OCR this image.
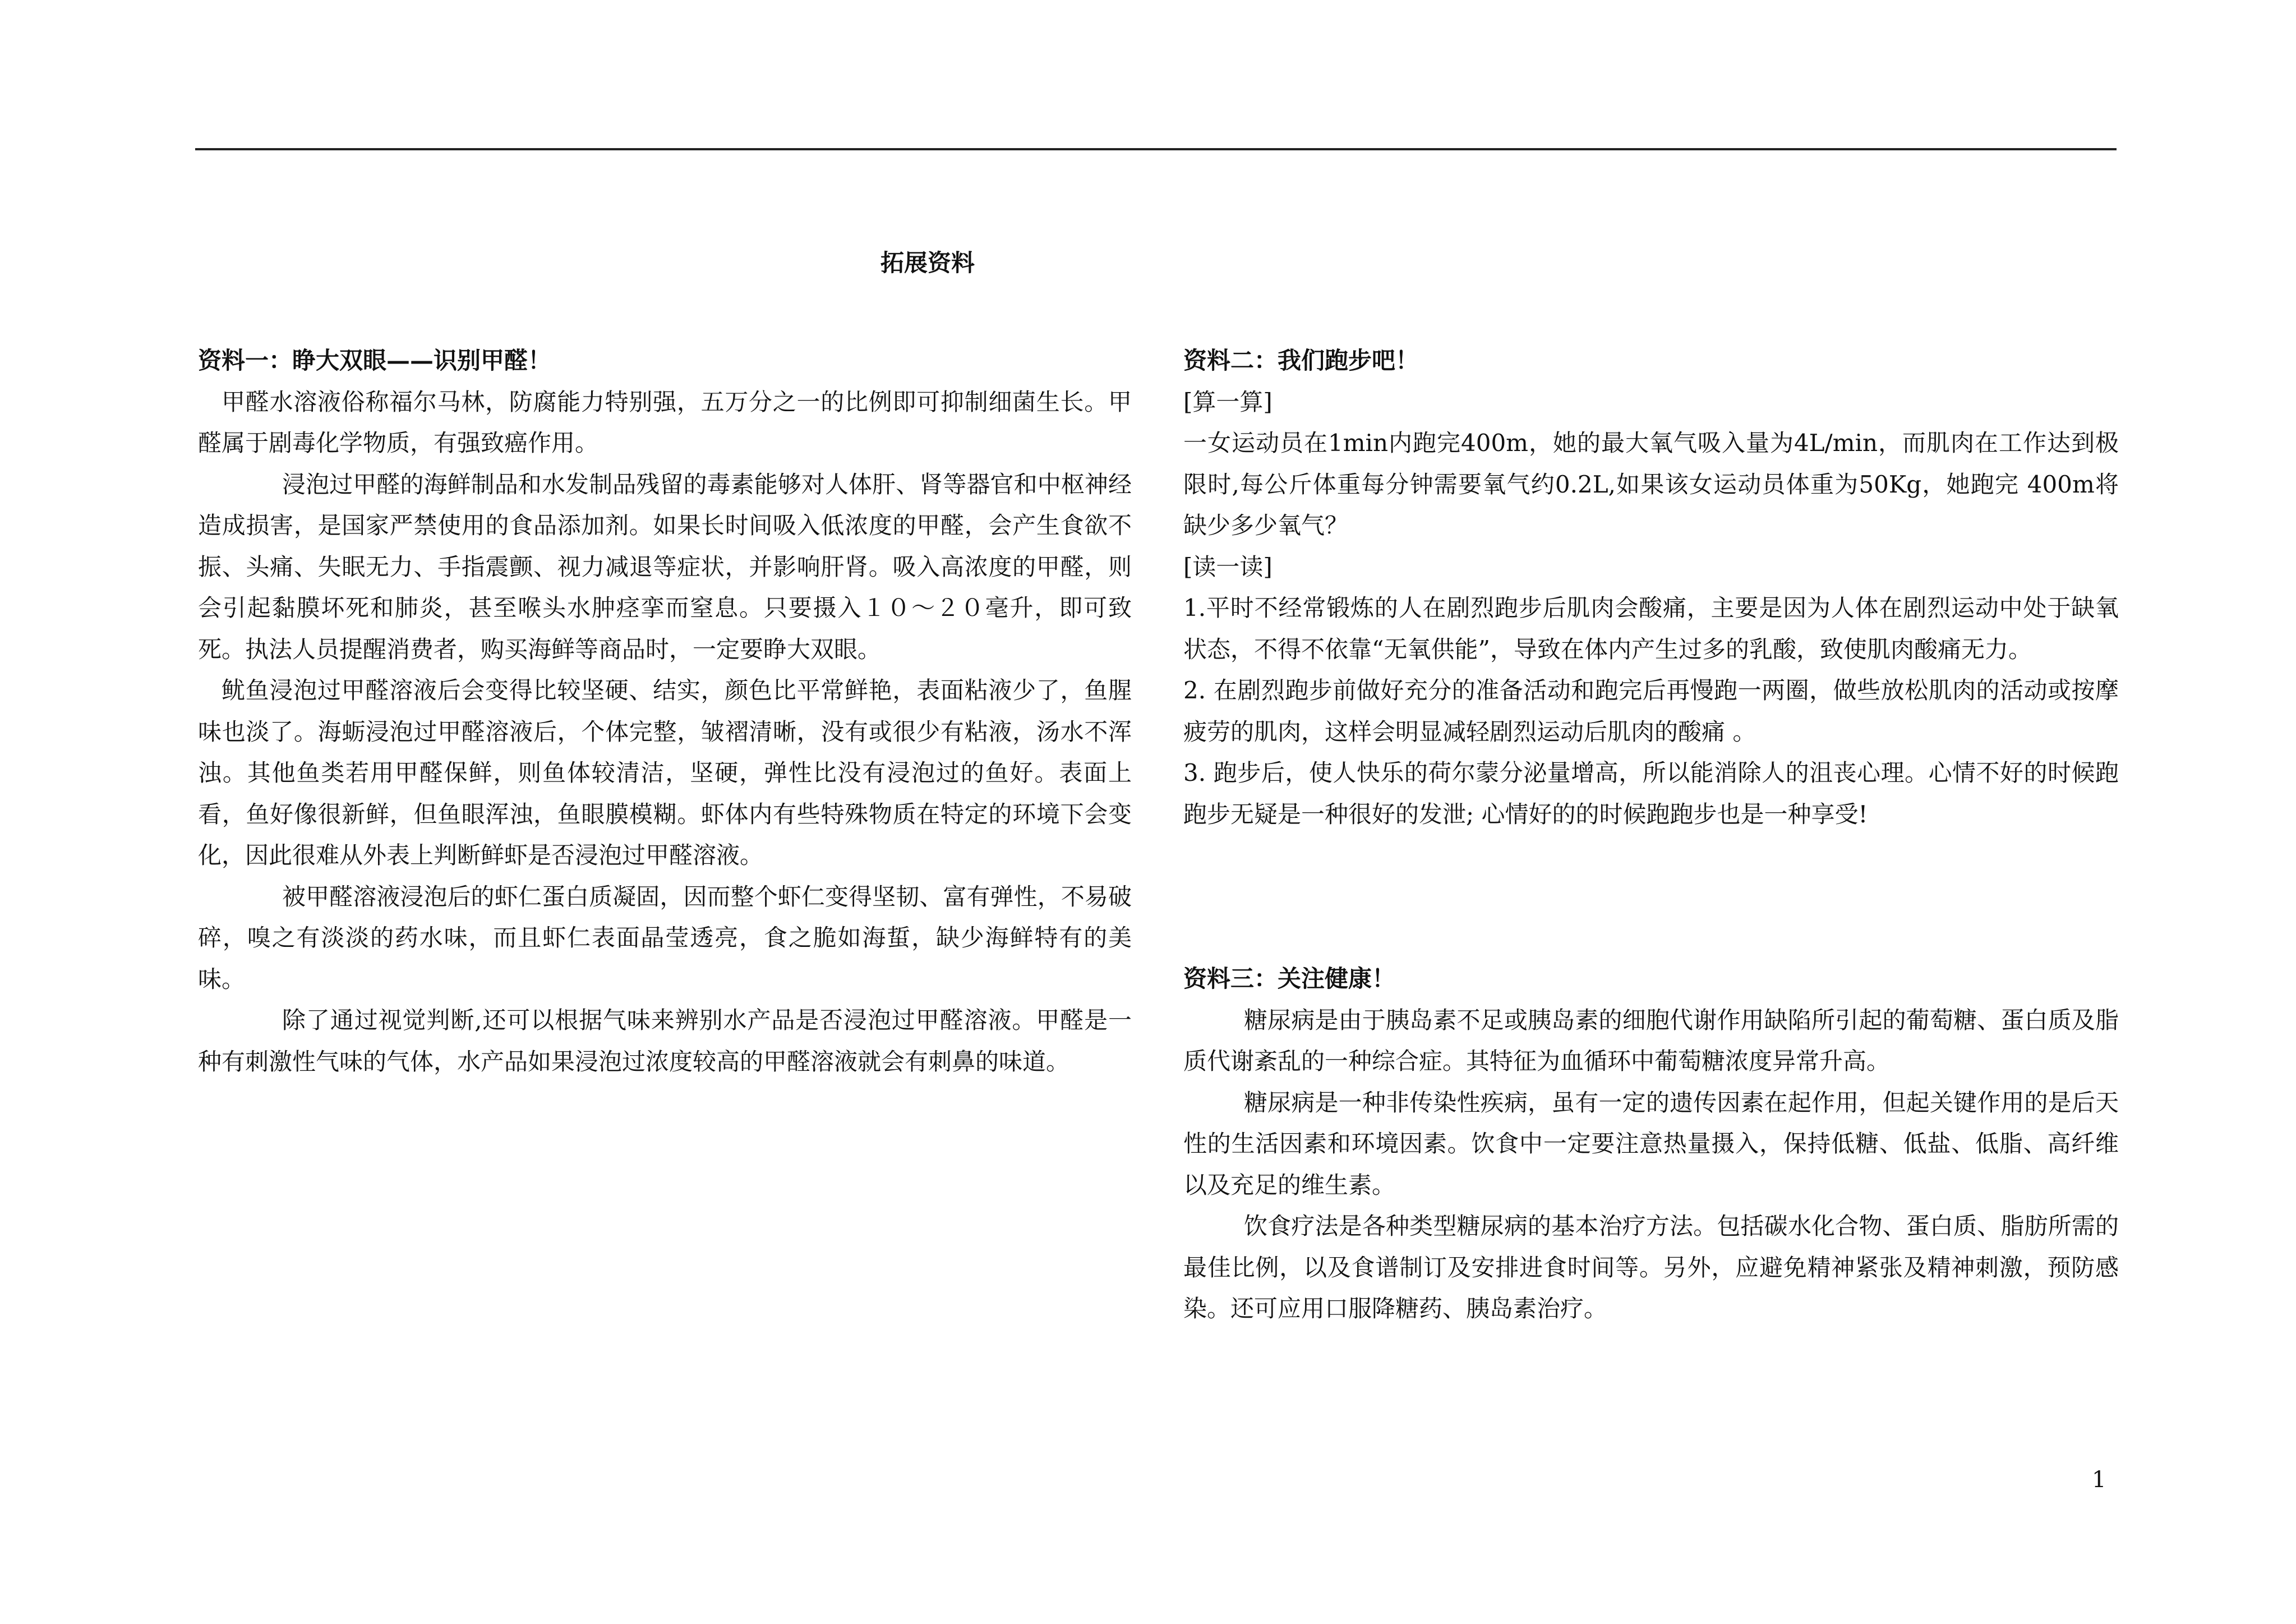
拓展资料
资料一：睁大双眼——识别甲醛！

甲醛水溶液俗称福尔马林，防腐能力特别强，五万分之一的比例即可抑制细菌生长。甲醛属于剧毒化学物质，有强致癌作用。

浸泡过甲醛的海鲜制品和水发制品残留的毒素能够对人体肝、肾等器官和中枢神经造成损害，是国家严禁使用的食品添加剂。如果长时间吸入低浓度的甲醛，会产生食欲不振、头痛、失眠无力、手指震颤、视力减退等症状，并影响肝肾。吸入高浓度的甲醛，则会引起黏膜坏死和肺炎，甚至喉头水肿痉挛而窒息。只要摄入１０～２０毫升，即可致死。执法人员提醒消费者，购买海鲜等商品时，一定要睁大双眼。

鱿鱼浸泡过甲醛溶液后会变得比较坚硬、结实，颜色比平常鲜艳，表面粘液少了，鱼腥味也淡了。海蛎浸泡过甲醛溶液后，个体完整，皱褶清晰，没有或很少有粘液，汤水不浑浊。其他鱼类若用甲醛保鲜，则鱼体较清洁，坚硬，弹性比没有浸泡过的鱼好。表面上看，鱼好像很新鲜，但鱼眼浑浊，鱼眼膜模糊。虾体内有些特殊物质在特定的环境下会变化，因此很难从外表上判断鲜虾是否浸泡过甲醛溶液。

被甲醛溶液浸泡后的虾仁蛋白质凝固，因而整个虾仁变得坚韧、富有弹性，不易破碎，嗅之有淡淡的药水味，而且虾仁表面晶莹透亮，食之脆如海蜇，缺少海鲜特有的美味。

除了通过视觉判断,还可以根据气味来辨别水产品是否浸泡过甲醛溶液。甲醛是一种有刺激性气味的气体，水产品如果浸泡过浓度较高的甲醛溶液就会有刺鼻的味道。

资料二：我们跑步吧！

[算一算]

一女运动员在1min内跑完400m，她的最大氧气吸入量为4L/min，而肌肉在工作达到极限时,每公斤体重每分钟需要氧气约0.2L,如果该女运动员体重为50Kg，她跑完 400m将缺少多少氧气？

[读一读]

1.平时不经常锻炼的人在剧烈跑步后肌肉会酸痛，主要是因为人体在剧烈运动中处于缺氧状态，不得不依靠“无氧供能”，导致在体内产生过多的乳酸，致使肌肉酸痛无力。

2. 在剧烈跑步前做好充分的准备活动和跑完后再慢跑一两圈，做些放松肌肉的活动或按摩疲劳的肌肉，这样会明显减轻剧烈运动后肌肉的酸痛 。

3. 跑步后，使人快乐的荷尔蒙分泌量增高，所以能消除人的沮丧心理。心情不好的时候跑跑步无疑是一种很好的发泄; 心情好的的时候跑跑步也是一种享受!

资料三：关注健康！

糖尿病是由于胰岛素不足或胰岛素的细胞代谢作用缺陷所引起的葡萄糖、蛋白质及脂质代谢紊乱的一种综合症。其特征为血循环中葡萄糖浓度异常升高。

糖尿病是一种非传染性疾病，虽有一定的遗传因素在起作用，但起关键作用的是后天性的生活因素和环境因素。饮食中一定要注意热量摄入，保持低糖、低盐、低脂、高纤维以及充足的维生素。

饮食疗法是各种类型糖尿病的基本治疗方法。包括碳水化合物、蛋白质、脂肪所需的最佳比例，以及食谱制订及安排进食时间等。另外，应避免精神紧张及精神刺激，预防感染。还可应用口服降糖药、胰岛素治疗。

1
